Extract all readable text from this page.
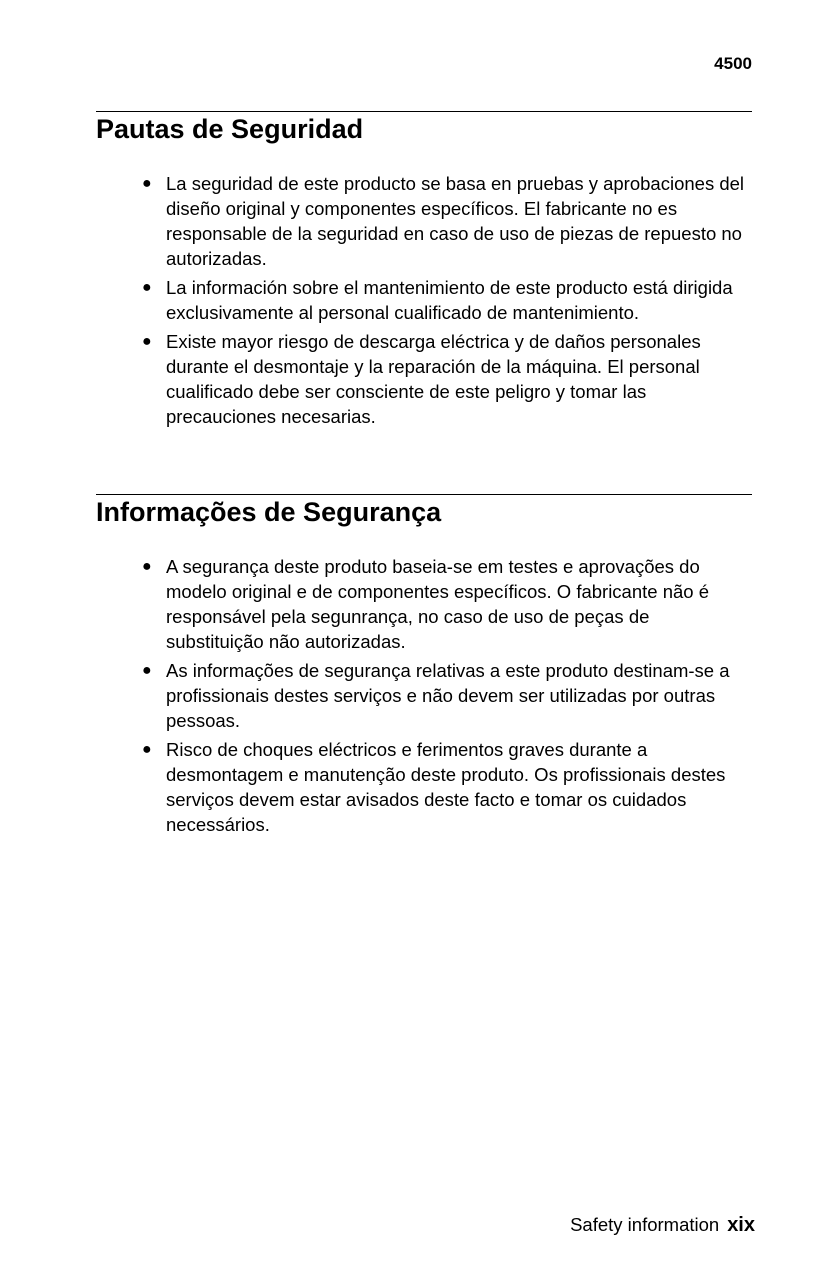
4500
Pautas de Seguridad
● La seguridad de este producto se basa en pruebas y aprobaciones del diseño original y componentes específicos. El fabricante no es responsable de la seguridad en caso de uso de piezas de repuesto no autorizadas.
● La información sobre el mantenimiento de este producto está dirigida exclusivamente al personal cualificado de mantenimiento.
● Existe mayor riesgo de descarga eléctrica y de daños personales durante el desmontaje y la reparación de la máquina. El personal cualificado debe ser consciente de este peligro y tomar las precauciones necesarias.
Informações de Segurança
● A segurança deste produto baseia-se em testes e aprovações do modelo original e de componentes específicos. O fabricante não é responsável pela segunrança, no caso de uso de peças de substituição não autorizadas.
● As informações de segurança relativas a este produto destinam-se a profissionais destes serviços e não devem ser utilizadas por outras pessoas.
● Risco de choques eléctricos e ferimentos graves durante a desmontagem e manutenção deste produto. Os profissionais destes serviços devem estar avisados deste facto e tomar os cuidados necessários.
Safety information xix
